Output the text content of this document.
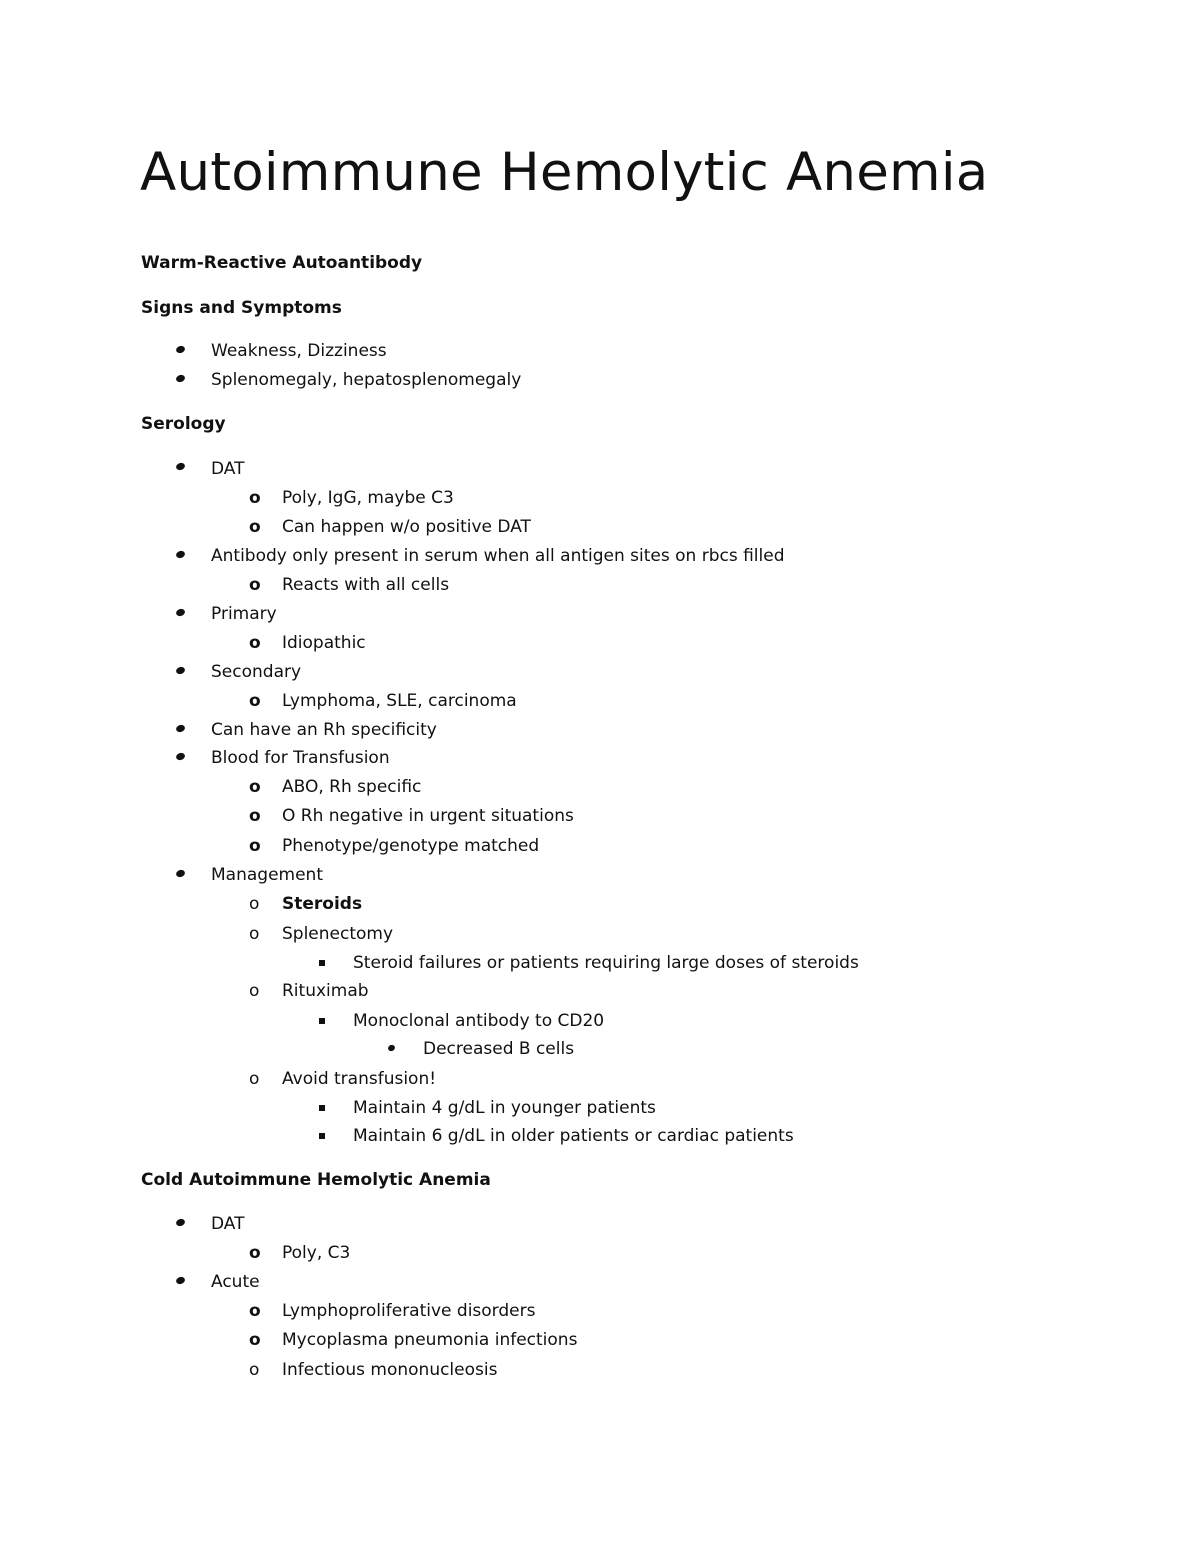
Autoimmune Hemolytic Anemia
Warm-Reactive Autoantibody
Signs and Symptoms
Weakness, Dizziness
Splenomegaly, hepatosplenomegaly
Serology
DAT
o Poly, IgG, maybe C3
o Can happen w/o positive DAT
Antibody only present in serum when all antigen sites on rbcs filled
o Reacts with all cells
Primary
o Idiopathic
Secondary
o Lymphoma, SLE, carcinoma
Can have an Rh specificity
Blood for Transfusion
o ABO, Rh specific
o O Rh negative in urgent situations
o Phenotype/genotype matched
Management
o Steroids
o Splenectomy
Steroid failures or patients requiring large doses of steroids
o Rituximab
Monoclonal antibody to CD20
Decreased B cells
o Avoid transfusion!
Maintain 4 g/dL in younger patients
Maintain 6 g/dL in older patients or cardiac patients
Cold Autoimmune Hemolytic Anemia
DAT
o Poly, C3
Acute
o Lymphoproliferative disorders
o Mycoplasma pneumonia infections
o Infectious mononucleosis
